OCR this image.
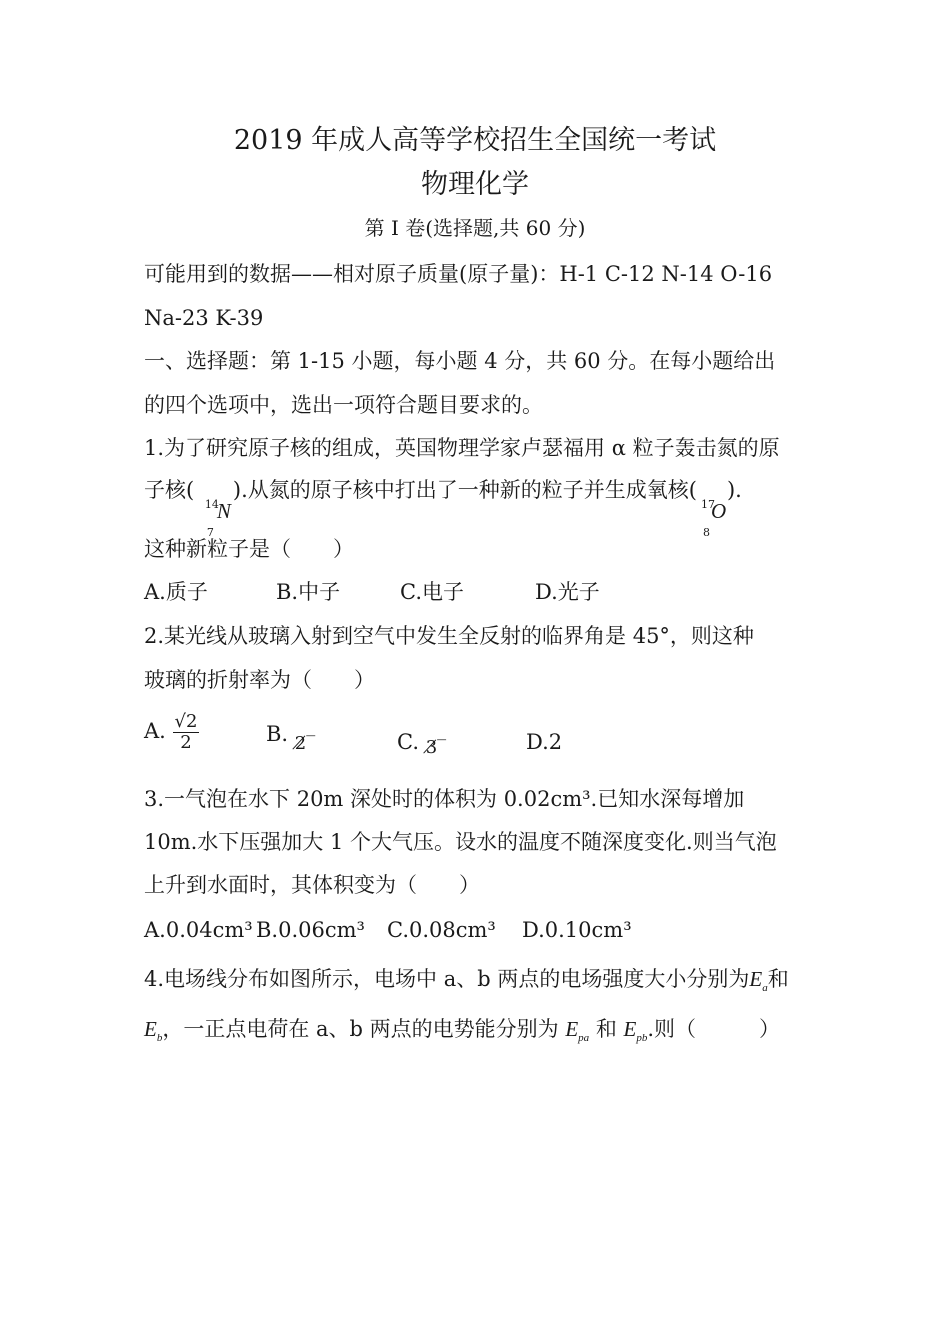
2019 年成人高等学校招生全国统一考试
物理化学
第 I 卷(选择题,共 60 分)
可能用到的数据——相对原子质量(原子量)：H-1 C-12 N-14 O-16
Na-23 K-39
一、选择题：第 1-15 小题，每小题 4 分，共 60 分。在每小题给出
的四个选项中，选出一项符合题目要求的。
1.为了研究原子核的组成，英国物理学家卢瑟福用 α 粒子轰击氮的原
子核(
14
7
N
).从氮的原子核中打出了一种新的粒子并生成氧核(
17
8
O
).
这种新粒子是（　　）
A.质子	B.中子	C.电子	D.光子
2.某光线从玻璃入射到空气中发生全反射的临界角是 45°，则这种
玻璃的折射率为（　　）
A. $\frac{√2}{2}$	B. 2̸‾	C. 3̸‾	D.2
3.一气泡在水下 20m 深处时的体积为 0.02cm³.已知水深每增加
10m.水下压强加大 1 个大气压。设水的温度不随深度变化.则当气泡
上升到水面时，其体积变为（　　）
A.0.04cm³ B.0.06cm³ C.0.08cm³ D.0.10cm³
4.电场线分布如图所示，电场中 a、b 两点的电场强度大小分别为$E_a$和
$E_b$，一正点电荷在 a、b 两点的电势能分别为 $E_{pa}$ 和 $E_{pb}$.则（　　　）
